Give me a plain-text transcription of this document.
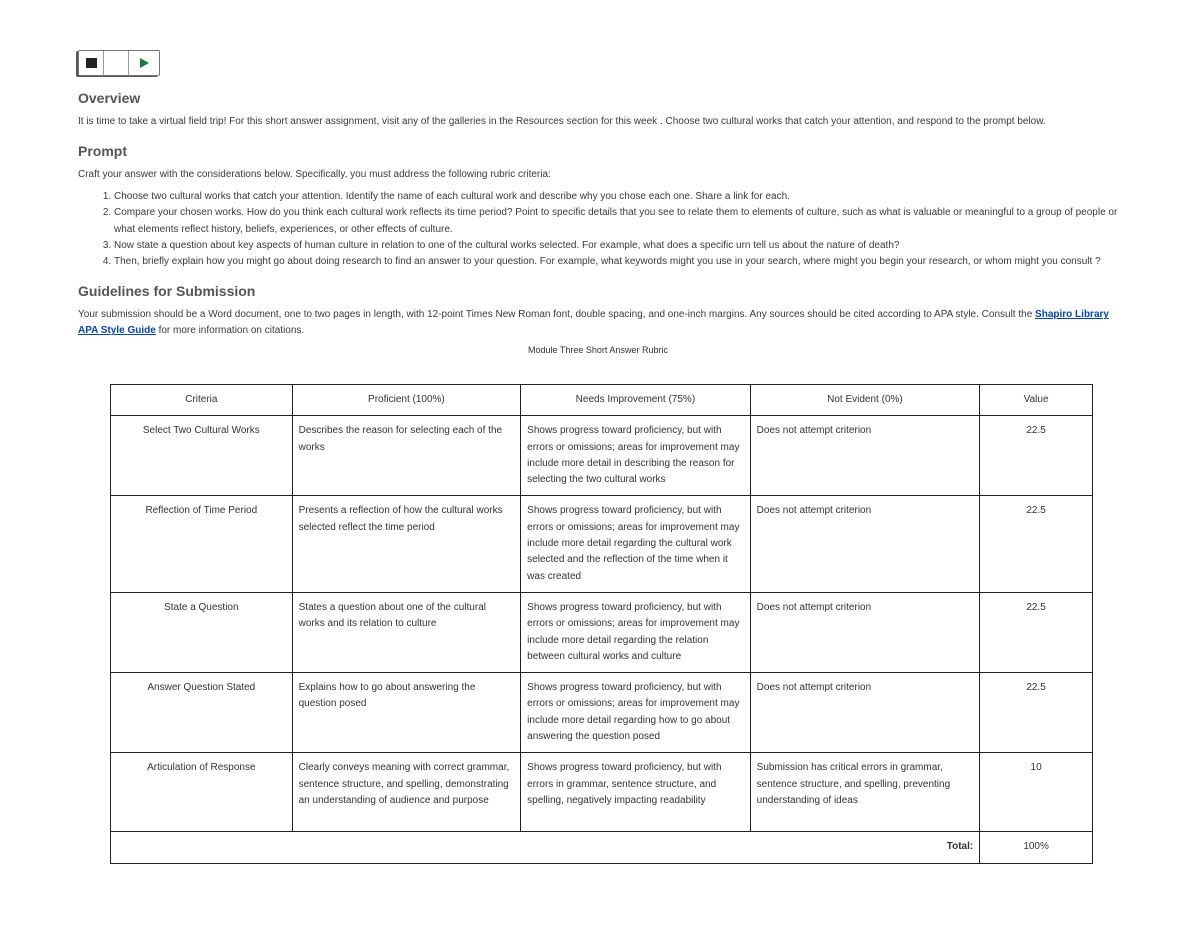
Overview

It is time to take a virtual field trip! For this short answer assignment, visit any of the galleries in the Resources section for this week . Choose two cultural works that catch your attention, and respond to the prompt below.

Prompt

Craft your answer with the considerations below. Specifically, you must address the following rubric criteria:

1. Choose two cultural works that catch your attention. Identify the name of each cultural work and describe why you chose each one. Share a link for each.
2. Compare your chosen works. How do you think each cultural work reflects its time period? Point to specific details that you see to relate them to elements of culture, such as what is valuable or meaningful to a group of people or what elements reflect history, beliefs, experiences, or other effects of culture.
3. Now state a question about key aspects of human culture in relation to one of the cultural works selected. For example, what does a specific urn tell us about the nature of death?
4. Then, briefly explain how you might go about doing research to find an answer to your question. For example, what keywords might you use in your search, where might you begin your research, or whom might you consult ?
Guidelines for Submission

Your submission should be a Word document, one to two pages in length, with 12-point Times New Roman font, double spacing, and one-inch margins. Any sources should be cited according to APA style. Consult the Shapiro Library APA Style Guide for more information on citations.

Module Three Short Answer Rubric
Criteria	Proficient (100%)	Needs Improvement (75%)	Not Evident (0%)	Value
Select Two Cultural Works	Describes the reason for selecting each of the works	Shows progress toward proficiency, but with errors or omissions; areas for improvement may include more detail in describing the reason for selecting the two cultural works	Does not attempt criterion	22.5
Reflection of Time Period	Presents a reflection of how the cultural works selected reflect the time period	Shows progress toward proficiency, but with errors or omissions; areas for improvement may include more detail regarding the cultural work selected and the reflection of the time when it was created	Does not attempt criterion	22.5
State a Question	States a question about one of the cultural works and its relation to culture	Shows progress toward proficiency, but with errors or omissions; areas for improvement may include more detail regarding the relation between cultural works and culture	Does not attempt criterion	22.5
Answer Question Stated	Explains how to go about answering the question posed	Shows progress toward proficiency, but with errors or omissions; areas for improvement may include more detail regarding how to go about answering the question posed	Does not attempt criterion	22.5
Articulation of Response	Clearly conveys meaning with correct grammar, sentence structure, and spelling, demonstrating an understanding of audience and purpose	Shows progress toward proficiency, but with errors in grammar, sentence structure, and spelling, negatively impacting readability	Submission has critical errors in grammar, sentence structure, and spelling, preventing understanding of ideas	10
Total:				100%
